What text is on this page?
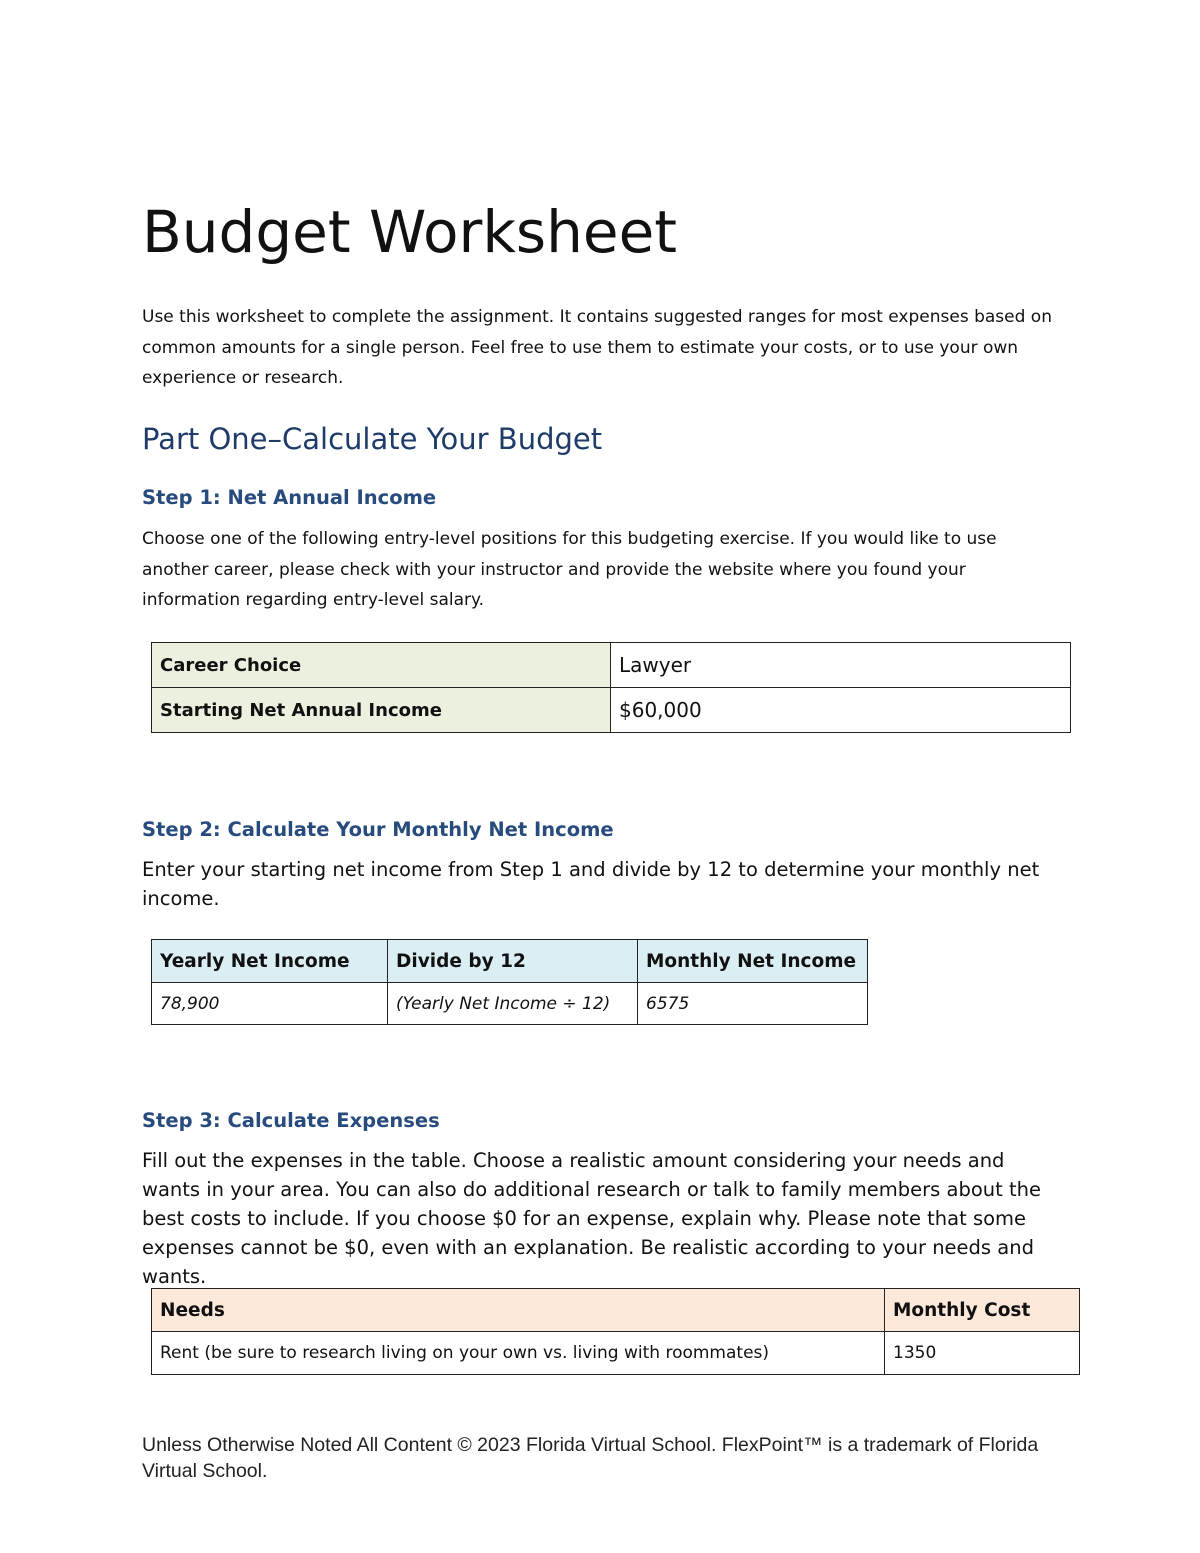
Budget Worksheet

Use this worksheet to complete the assignment. It contains suggested ranges for most expenses based on common amounts for a single person. Feel free to use them to estimate your costs, or to use your own experience or research.

Part One–Calculate Your Budget
Step 1: Net Annual Income

Choose one of the following entry-level positions for this budgeting exercise. If you would like to use another career, please check with your instructor and provide the website where you found your information regarding entry-level salary.

Career Choice	Lawyer
Starting Net Annual Income	$60,000
Step 2: Calculate Your Monthly Net Income

Enter your starting net income from Step 1 and divide by 12 to determine your monthly net income.

Yearly Net Income	Divide by 12	Monthly Net Income
78,900	(Yearly Net Income ÷ 12)	6575
Step 3: Calculate Expenses

Fill out the expenses in the table. Choose a realistic amount considering your needs and wants in your area. You can also do additional research or talk to family members about the best costs to include. If you choose $0 for an expense, explain why. Please note that some expenses cannot be $0, even with an explanation. Be realistic according to your needs and wants.

Needs	Monthly Cost
Rent (be sure to research living on your own vs. living with roommates)	1350

Unless Otherwise Noted All Content © 2023 Florida Virtual School. FlexPoint™ is a trademark of Florida Virtual School.
